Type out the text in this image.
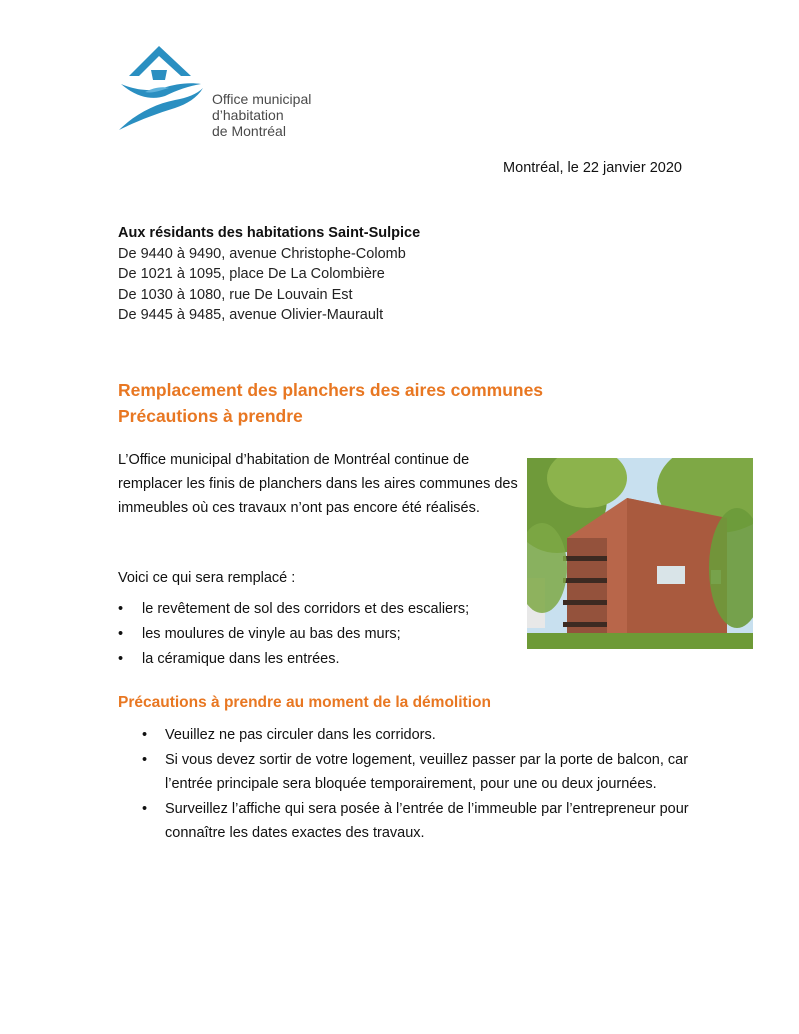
Office municipal
d’habitation
de Montréal
Montréal, le 22 janvier 2020
Aux résidants des habitations Saint-Sulpice
De 9440 à 9490, avenue Christophe-Colomb
De 1021 à 1095, place De La Colombière
De 1030 à 1080, rue De Louvain Est
De 9445 à 9485, avenue Olivier-Maurault
Remplacement des planchers des aires communes
Précautions à prendre
L’Office municipal d’habitation de Montréal continue de remplacer les finis de planchers dans les aires communes des immeubles où ces travaux n’ont pas encore été réalisés.
Voici ce qui sera remplacé :
• le revêtement de sol des corridors et des escaliers;
• les moulures de vinyle au bas des murs;
• la céramique dans les entrées.
Précautions à prendre au moment de la démolition
• Veuillez ne pas circuler dans les corridors.
• Si vous devez sortir de votre logement, veuillez passer par la porte de balcon, car l’entrée principale sera bloquée temporairement, pour une ou deux journées.
• Surveillez l’affiche qui sera posée à l’entrée de l’immeuble par l’entrepreneur pour connaître les dates exactes des travaux.
